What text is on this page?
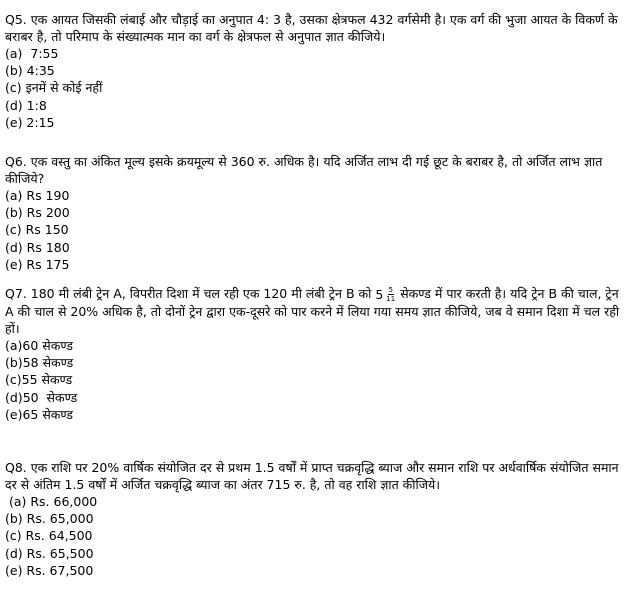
Q5. एक आयत जिसकी लंबाई और चौड़ाई का अनुपात 4: 3 है, उसका क्षेत्रफल 432 वर्गसेमी है। एक वर्ग की भुजा आयत के विकर्ण के बराबर है, तो परिमाप के संख्यात्मक मान का वर्ग के क्षेत्रफल से अनुपात ज्ञात कीजिये।

(a)  7:55

(b) 4:35

(c) इनमें से कोई नहीं

(d) 1:8

(e) 2:15

Q6. एक वस्तु का अंकित मूल्य इसके क्रयमूल्य से 360 रु. अधिक है। यदि अर्जित लाभ दी गई छूट के बराबर है, तो अर्जित लाभ ज्ञात कीजिये?

(a) Rs 190

(b) Rs 200

(c) Rs 150

(d) Rs 180

(e) Rs 175

Q7. 180 मी लंबी ट्रेन A, विपरीत दिशा में चल रही एक 120 मी लंबी ट्रेन B को $5 \frac{5}{11}$ सेकण्ड में पार करती है। यदि ट्रेन B की चाल, ट्रेन A की चाल से 20% अधिक है, तो दोनों ट्रेन द्वारा एक-दूसरे को पार करने में लिया गया समय ज्ञात कीजिये, जब वे समान दिशा में चल रही हों।

(a)60 सेकण्ड

(b)58 सेकण्ड

(c)55 सेकण्ड

(d)50  सेकण्ड

(e)65 सेकण्ड

Q8. एक राशि पर 20% वार्षिक संयोजित दर से प्रथम 1.5 वर्षों में प्राप्त चक्रवृद्धि ब्याज और समान राशि पर अर्धवार्षिक संयोजित समान दर से अंतिम 1.5 वर्षों में अर्जित चक्रवृद्धि ब्याज का अंतर 715 रु. है, तो वह राशि ज्ञात कीजिये।

(a) Rs. 66,000

(b) Rs. 65,000

(c) Rs. 64,500

(d) Rs. 65,500

(e) Rs. 67,500
